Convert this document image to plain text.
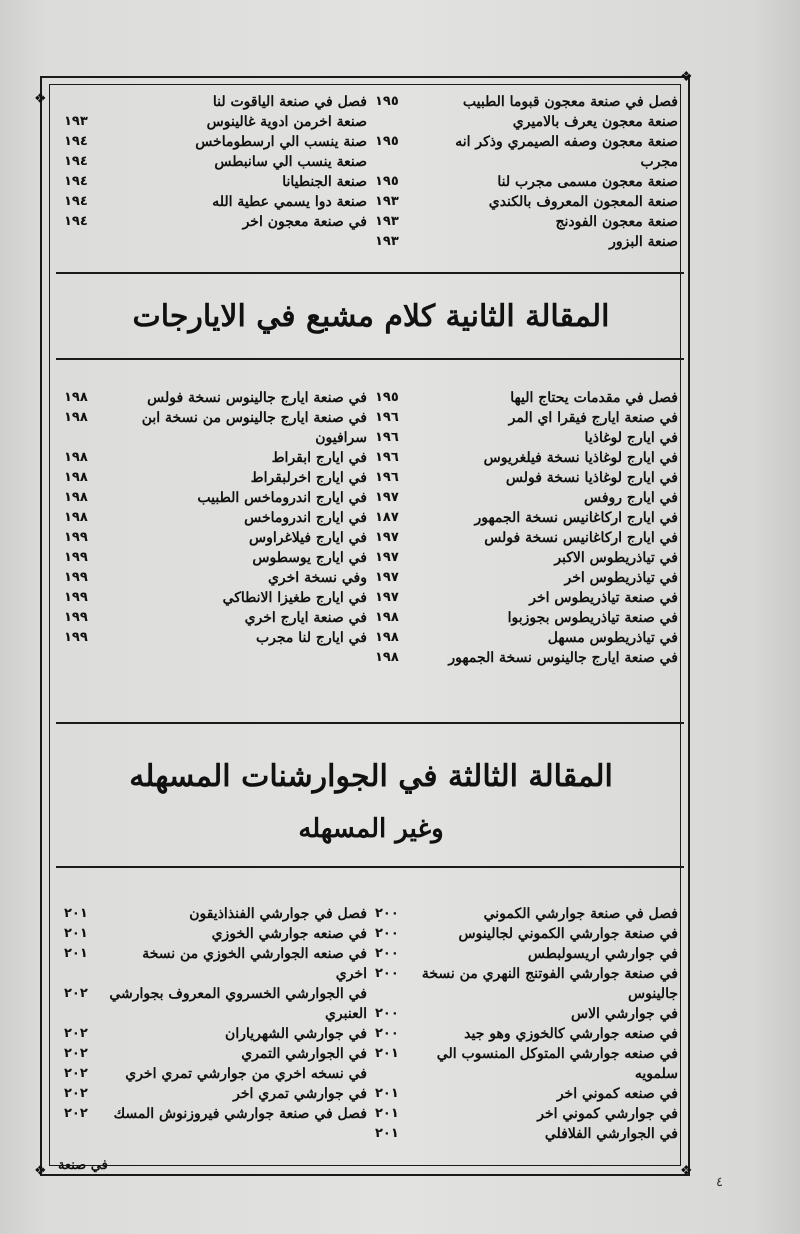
❖
❖
❖	❖
فصل في صنعة معجون قبوما الطبيب
١٩٥
صنعة معجون يعرف بالاميري
صنعة معجون وصفه الصيمري وذكر انه مجرب
١٩٥
صنعة معجون مسمى مجرب لنا
١٩٥
صنعة المعجون المعروف بالكندي
١٩٣
صنعة معجون الفودنج
١٩٣
صنعة البزور
١٩٣
فصل في صنعة الياقوت لنا
صنعة اخرمن ادوية غالينوس
١٩٣
صنة ينسب الي ارسطوماخس
١٩٤
صنعة ينسب الي سانبطس
١٩٤
صنعة الجنطيانا
١٩٤
صنعة دوا يسمي عطية الله
١٩٤
في صنعة معجون اخر
١٩٤
المقالة الثانية كلام مشبع في الايارجات
فصل في مقدمات يحتاج اليها
١٩٥
في صنعة ايارج فيقرا اي المر
١٩٦
في ايارج لوغاذيا
١٩٦
في ايارج لوغاذيا نسخة فيلغريوس
١٩٦
في ايارج لوغاذيا نسخة فولس
١٩٦
في ايارج روفس
١٩٧
في ايارج اركاغانيس نسخة الجمهور
١٨٧
في ايارج اركاغانيس نسخة فولس
١٩٧
في تياذريطوس الاكبر
١٩٧
في تياذريطوس اخر
١٩٧
في صنعة تياذريطوس اخر
١٩٧
في صنعة تياذريطوس بجوزبوا
١٩٨
في تياذريطوس مسهل
١٩٨
في صنعة ايارج جالينوس نسخة الجمهور
١٩٨
في صنعة ايارج جالينوس نسخة فولس
١٩٨
في صنعة ايارج جالينوس من نسخة ابن سرافيون
١٩٨
في ايارج ابقراط
١٩٨
في ايارج اخرلبقراط
١٩٨
في ايارج اندروماخس الطبيب
١٩٨
في ايارج اندروماخس
١٩٨
في ايارج فيلاغراوس
١٩٩
في ايارج يوسطوس
١٩٩
وفي نسخة اخري
١٩٩
في ايارج طغيزا الانطاكي
١٩٩
في صنعة ايارج اخري
١٩٩
في ايارج لنا مجرب
١٩٩
المقالة الثالثة في الجوارشنات المسهله
وغير المسهله
فصل في صنعة جوارشي الكموني
٢٠٠
في صنعة جوارشي الكموني لجالينوس
٢٠٠
في جوارشي اريسولبطس
٢٠٠
في صنعة جوارشي الفوتنج النهري من نسخة جالينوس
٢٠٠
في جوارشي الاس
٢٠٠
في صنعه جوارشي كالخوزي وهو جيد
٢٠٠
في صنعه جوارشي المتوكل المنسوب الي سلمويه
٢٠١
في صنعه كموني اخر
٢٠١
في جوارشي كموني اخر
٢٠١
في الجوارشي الفلافلي
٢٠١
فصل في جوارشي الفنذاذيقون
٢٠١
في صنعه جوارشي الخوزي
٢٠١
في صنعه الجوارشي الخوزي من نسخة اخري
٢٠١
في الجوارشي الخسروي المعروف بجوارشي العنبري
٢٠٢
في جوارشي الشهرياران
٢٠٢
في الجوارشي التمري
٢٠٢
في نسخه اخري من جوارشي تمري اخري
٢٠٢
في جوارشي تمري اخر
٢٠٢
فصل في صنعة جوارشي فيروزنوش المسك
٢٠٢
في صنعة
٤
